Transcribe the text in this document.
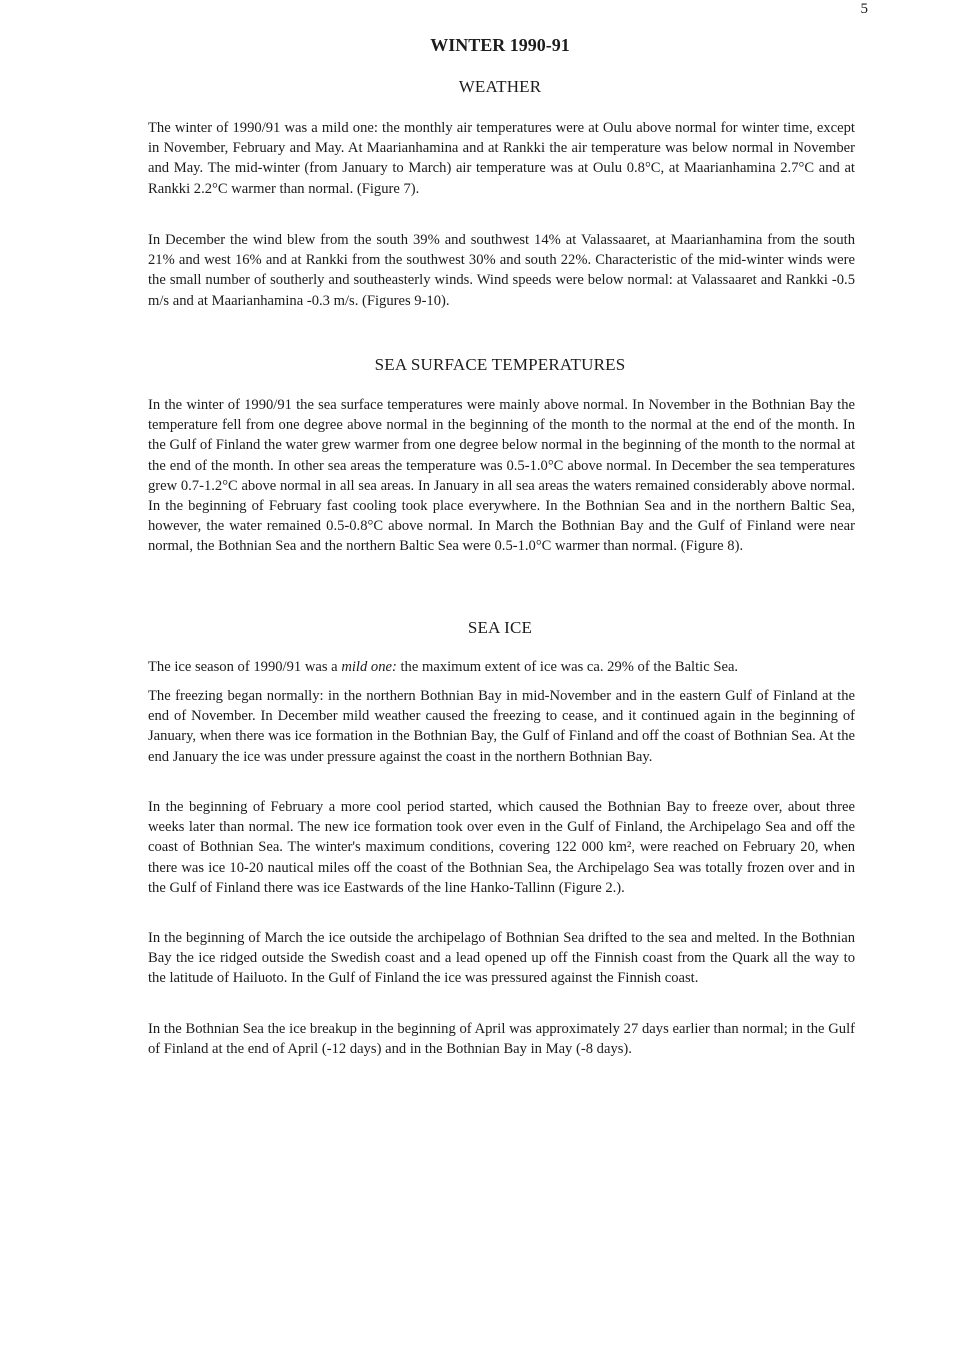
5
WINTER 1990-91
WEATHER

The winter of 1990/91 was a mild one: the monthly air temperatures were at Oulu above normal for winter time, except in November, February and May. At Maarianhamina and at Rankki the air temperature was below normal in November and May. The mid-winter (from January to March) air temperature was at Oulu 0.8°C, at Maarianhamina 2.7°C and at Rankki 2.2°C warmer than normal. (Figure 7).

In December the wind blew from the south 39% and southwest 14% at Valassaaret, at Maarianhamina from the south 21% and west 16% and at Rankki from the southwest 30% and south 22%. Characteristic of the mid-winter winds were the small number of southerly and southeasterly winds. Wind speeds were below normal: at Valassaaret and Rankki -0.5 m/s and at Maarianhamina -0.3 m/s. (Figures 9-10).

SEA SURFACE TEMPERATURES

In the winter of 1990/91 the sea surface temperatures were mainly above normal. In November in the Bothnian Bay the temperature fell from one degree above normal in the beginning of the month to the normal at the end of the month. In the Gulf of Finland the water grew warmer from one degree below normal in the beginning of the month to the normal at the end of the month. In other sea areas the temperature was 0.5-1.0°C above normal. In December the sea temperatures grew 0.7-1.2°C above normal in all sea areas. In January in all sea areas the waters remained considerably above normal. In the beginning of February fast cooling took place everywhere. In the Bothnian Sea and in the northern Baltic Sea, however, the water remained 0.5-0.8°C above normal. In March the Bothnian Bay and the Gulf of Finland were near normal, the Bothnian Sea and the northern Baltic Sea were 0.5-1.0°C warmer than normal. (Figure 8).

SEA ICE

The ice season of 1990/91 was a mild one: the maximum extent of ice was ca. 29% of the Baltic Sea.

The freezing began normally: in the northern Bothnian Bay in mid-November and in the eastern Gulf of Finland at the end of November. In December mild weather caused the freezing to cease, and it continued again in the beginning of January, when there was ice formation in the Bothnian Bay, the Gulf of Finland and off the coast of Bothnian Sea. At the end January the ice was under pressure against the coast in the northern Bothnian Bay.

In the beginning of February a more cool period started, which caused the Bothnian Bay to freeze over, about three weeks later than normal. The new ice formation took over even in the Gulf of Finland, the Archipelago Sea and off the coast of Bothnian Sea. The winter's maximum conditions, covering 122 000 km², were reached on February 20, when there was ice 10-20 nautical miles off the coast of the Bothnian Sea, the Archipelago Sea was totally frozen over and in the Gulf of Finland there was ice Eastwards of the line Hanko-Tallinn (Figure 2.).

In the beginning of March the ice outside the archipelago of Bothnian Sea drifted to the sea and melted. In the Bothnian Bay the ice ridged outside the Swedish coast and a lead opened up off the Finnish coast from the Quark all the way to the latitude of Hailuoto. In the Gulf of Finland the ice was pressured against the Finnish coast.

In the Bothnian Sea the ice breakup in the beginning of April was approximately 27 days earlier than normal; in the Gulf of Finland at the end of April (-12 days) and in the Bothnian Bay in May (-8 days).
